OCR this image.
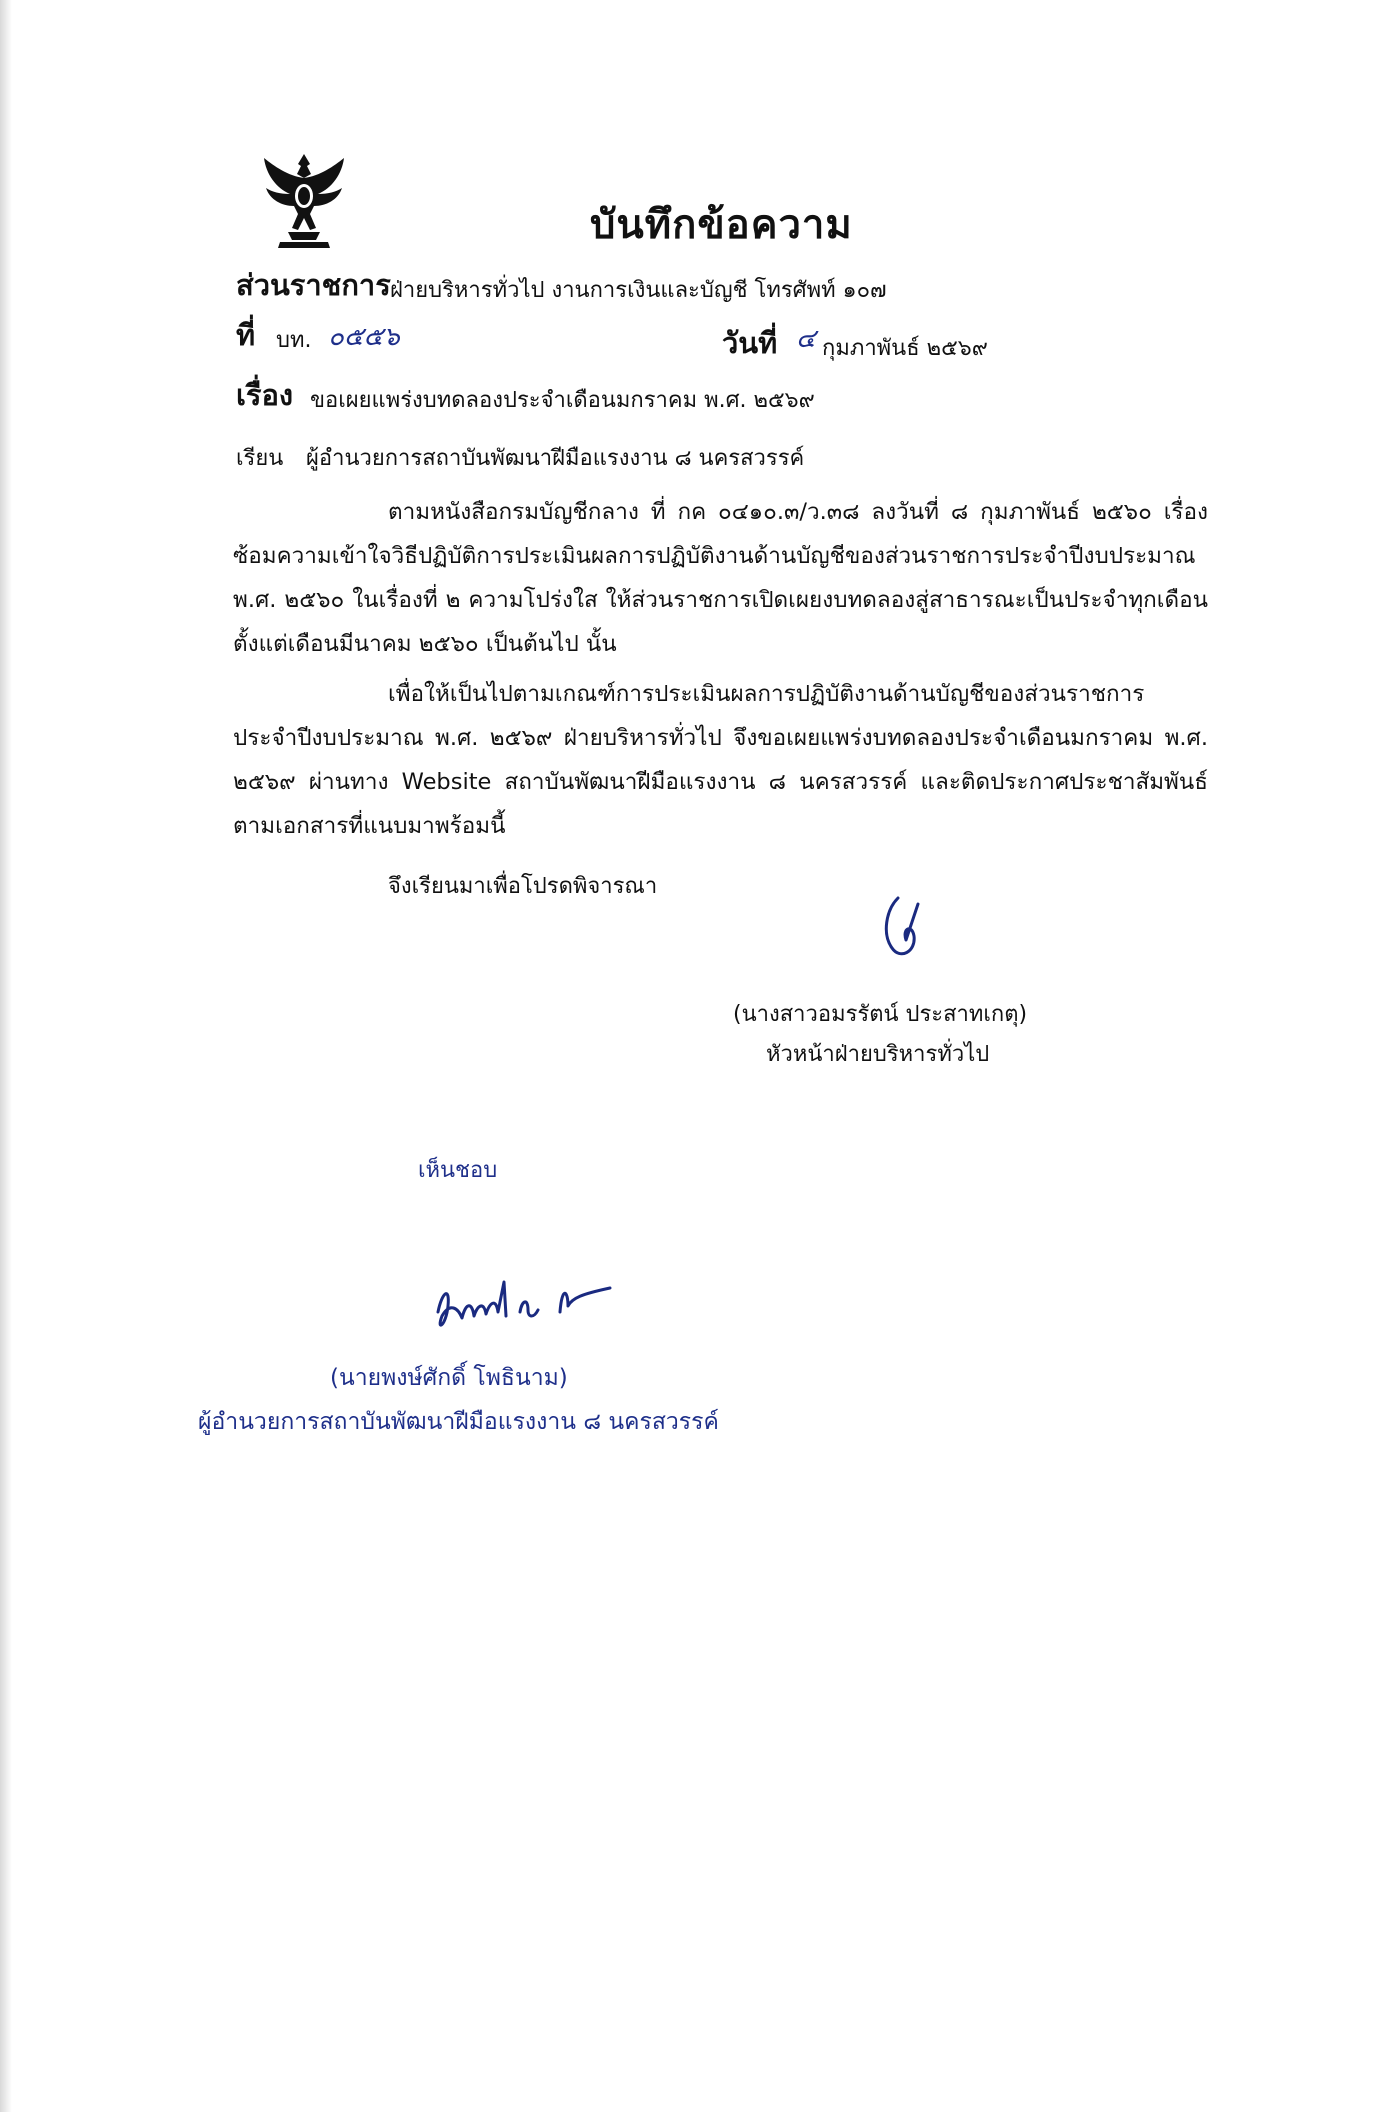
บันทึกข้อความ
ส่วนราชการ ฝ่ายบริหารทั่วไป งานการเงินและบัญชี โทรศัพท์ ๑๐๗
ที่ บท. ๐๕๕๖	วันที่ ๔ กุมภาพันธ์ ๒๕๖๙
เรื่อง ขอเผยแพร่งบทดลองประจำเดือนมกราคม พ.ศ. ๒๕๖๙
เรียน ผู้อำนวยการสถาบันพัฒนาฝีมือแรงงาน ๘ นครสวรรค์
ตามหนังสือกรมบัญชีกลาง ที่ กค ๐๔๑๐.๓/ว.๓๘ ลงวันที่ ๘ กุมภาพันธ์ ๒๕๖๐ เรื่อง ซ้อมความเข้าใจวิธีปฏิบัติการประเมินผลการปฏิบัติงานด้านบัญชีของส่วนราชการประจำปีงบประมาณ พ.ศ. ๒๕๖๐ ในเรื่องที่ ๒ ความโปร่งใส ให้ส่วนราชการเปิดเผยงบทดลองสู่สาธารณะเป็นประจำทุกเดือน ตั้งแต่เดือนมีนาคม ๒๕๖๐ เป็นต้นไป นั้น
เพื่อให้เป็นไปตามเกณฑ์การประเมินผลการปฏิบัติงานด้านบัญชีของส่วนราชการประจำปีงบประมาณ พ.ศ. ๒๕๖๙ ฝ่ายบริหารทั่วไป จึงขอเผยแพร่งบทดลองประจำเดือนมกราคม พ.ศ. ๒๕๖๙ ผ่านทาง Website สถาบันพัฒนาฝีมือแรงงาน ๘ นครสวรรค์ และติดประกาศประชาสัมพันธ์ตามเอกสารที่แนบมาพร้อมนี้
จึงเรียนมาเพื่อโปรดพิจารณา
(นางสาวอมรรัตน์ ประสาทเกตุ)
หัวหน้าฝ่ายบริหารทั่วไป
เห็นชอบ
(นายพงษ์ศักดิ์ โพธินาม)
ผู้อำนวยการสถาบันพัฒนาฝีมือแรงงาน ๘ นครสวรรค์
